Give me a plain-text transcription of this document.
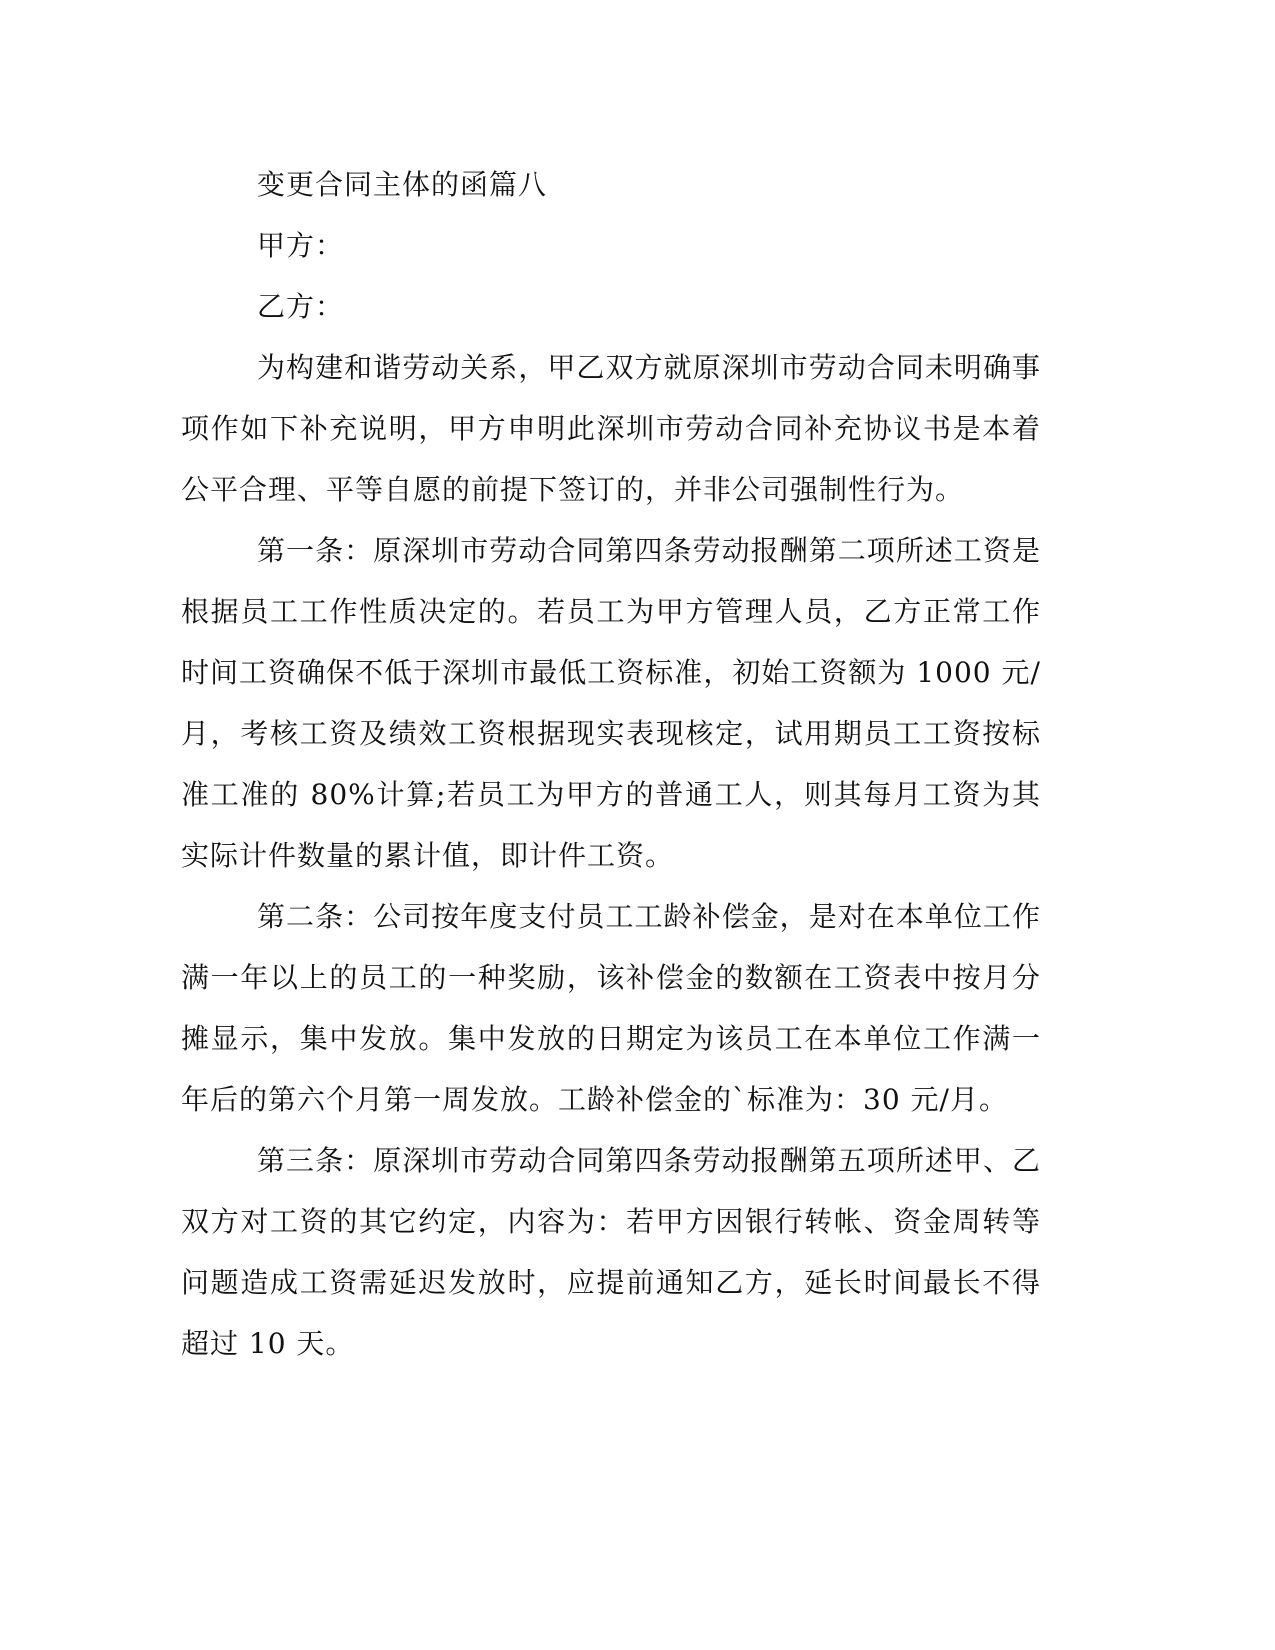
变更合同主体的函篇八

甲方：

乙方：

为构建和谐劳动关系，甲乙双方就原深圳市劳动合同未明确事项作如下补充说明，甲方申明此深圳市劳动合同补充协议书是本着公平合理、平等自愿的前提下签订的，并非公司强制性行为。

第一条：原深圳市劳动合同第四条劳动报酬第二项所述工资是根据员工工作性质决定的。若员工为甲方管理人员，乙方正常工作时间工资确保不低于深圳市最低工资标准，初始工资额为 1000 元/月，考核工资及绩效工资根据现实表现核定，试用期员工工资按标准工准的 80%计算;若员工为甲方的普通工人，则其每月工资为其实际计件数量的累计值，即计件工资。

第二条：公司按年度支付员工工龄补偿金，是对在本单位工作满一年以上的员工的一种奖励，该补偿金的数额在工资表中按月分摊显示，集中发放。集中发放的日期定为该员工在本单位工作满一年后的第六个月第一周发放。工龄补偿金的`标准为：30 元/月。

第三条：原深圳市劳动合同第四条劳动报酬第五项所述甲、乙双方对工资的其它约定，内容为：若甲方因银行转帐、资金周转等问题造成工资需延迟发放时，应提前通知乙方，延长时间最长不得超过 10 天。
